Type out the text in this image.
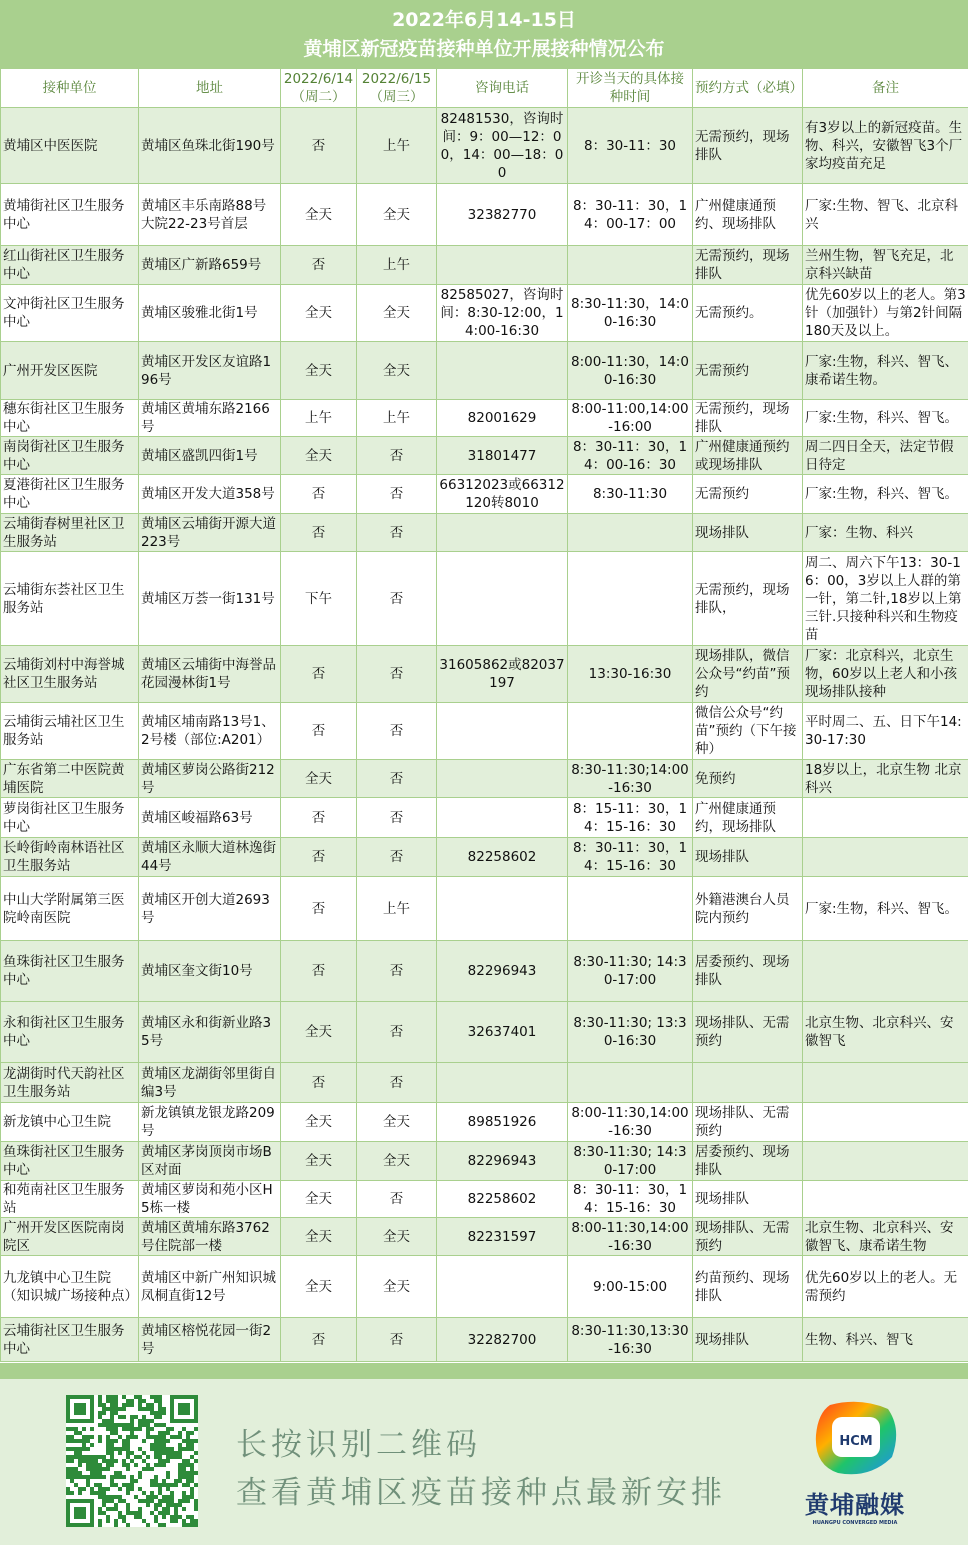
2022年6月14-15日
黄埔区新冠疫苗接种单位开展接种情况公布
接种单位	地址	2022/6/14（周二）	2022/6/15（周三）	咨询电话	开诊当天的具体接种时间	预约方式（必填）	备注
黄埔区中医医院	黄埔区鱼珠北街190号	否	上午	82481530，咨询时间：9：00—12：00，14：00—18：00	8：30-11：30	无需预约，现场排队	有3岁以上的新冠疫苗。生物、科兴，安徽智飞3个厂家均疫苗充足
黄埔街社区卫生服务中心	黄埔区丰乐南路88号大院22-23号首层	全天	全天	32382770	8：30-11：30，14：00-17：00	广州健康通预约、现场排队	厂家:生物、智飞、北京科兴
红山街社区卫生服务中心	黄埔区广新路659号	否	上午			无需预约，现场排队	兰州生物，智飞充足，北京科兴缺苗
文冲街社区卫生服务中心	黄埔区骏雅北街1号	全天	全天	82585027，咨询时间：8:30-12:00，14:00-16:30	8:30-11:30，14:00-16:30	无需预约。	优先60岁以上的老人。第3针（加强针）与第2针间隔180天及以上。
广州开发区医院	黄埔区开发区友谊路196号	全天	全天		8:00-11:30，14:00-16:30	无需预约	厂家:生物，科兴、智飞、康希诺生物。
穗东街社区卫生服务中心	黄埔区黄埔东路2166号	上午	上午	82001629	8:00-11:00,14:00-16:00	无需预约，现场排队	厂家:生物，科兴、智飞。
南岗街社区卫生服务中心	黄埔区盛凯四街1号	全天	否	31801477	8：30-11：30，14：00-16：30	广州健康通预约或现场排队	周二四日全天，法定节假日待定
夏港街社区卫生服务中心	黄埔区开发大道358号	否	否	66312023或66312120转8010	8:30-11:30	无需预约	厂家:生物，科兴、智飞。
云埔街春树里社区卫生服务站	黄埔区云埔街开源大道223号	否	否			现场排队	厂家：生物、科兴
云埔街东荟社区卫生服务站	黄埔区万荟一街131号	下午	否			无需预约，现场排队，	周二、周六下午13：30-16：00，3岁以上人群的第一针，第二针,18岁以上第三针.只接种科兴和生物疫苗
云埔街刘村中海誉城社区卫生服务站	黄埔区云埔街中海誉品花园漫林街1号	否	否	31605862或82037197	13:30-16:30	现场排队，微信公众号“约苗”预约	厂家：北京科兴，北京生物，60岁以上老人和小孩现场排队接种
云埔街云埔社区卫生服务站	黄埔区埔南路13号1、2号楼（部位:A201）	否	否			微信公众号“约苗”预约（下午接种）	平时周二、五、日下午14:30-17:30
广东省第二中医院黄埔医院	黄埔区萝岗公路街212号	全天	否		8:30-11:30;14:00-16:30	免预约	18岁以上，北京生物 北京科兴
萝岗街社区卫生服务中心	黄埔区峻福路63号	否	否		8：15-11：30，14：15-16：30	广州健康通预约，现场排队	
长岭街岭南林语社区卫生服务站	黄埔区永顺大道林逸街44号	否	否	82258602	8：30-11：30，14：15-16：30	现场排队	
中山大学附属第三医院岭南医院	黄埔区开创大道2693号	否	上午			外籍港澳台人员院内预约	厂家:生物，科兴、智飞。
鱼珠街社区卫生服务中心	黄埔区奎文街10号	否	否	82296943	8:30-11:30; 14:30-17:00	居委预约、现场排队	
永和街社区卫生服务中心	黄埔区永和街新业路35号	全天	否	32637401	8:30-11:30; 13:30-16:30	现场排队、无需预约	北京生物、北京科兴、安徽智飞
龙湖街时代天韵社区卫生服务站	黄埔区龙湖街邻里街自编3号	否	否				
新龙镇中心卫生院	新龙镇镇龙银龙路209号	全天	全天	89851926	8:00-11:30,14:00-16:30	现场排队、无需预约	
鱼珠街社区卫生服务中心	黄埔区茅岗顶岗市场B区对面	全天	全天	82296943	8:30-11:30; 14:30-17:00	居委预约、现场排队	
和苑南社区卫生服务站	黄埔区萝岗和苑小区H5栋一楼	全天	否	82258602	8：30-11：30，14：15-16：30	现场排队	
广州开发区医院南岗院区	黄埔区黄埔东路3762号住院部一楼	全天	全天	82231597	8:00-11:30,14:00-16:30	现场排队、无需预约	北京生物、北京科兴、安徽智飞、康希诺生物
九龙镇中心卫生院（知识城广场接种点）	黄埔区中新广州知识城凤桐直街12号	全天	全天		9:00-15:00	约苗预约、现场排队	优先60岁以上的老人。无需预约
云埔街社区卫生服务中心	黄埔区榕悦花园一街2号	否	否	32282700	8:30-11:30,13:30-16:30	现场排队	生物、科兴、智飞
长按识别二维码
查看黄埔区疫苗接种点最新安排
HCM
黄埔融媒
HUANGPU CONVERGED MEDIA
